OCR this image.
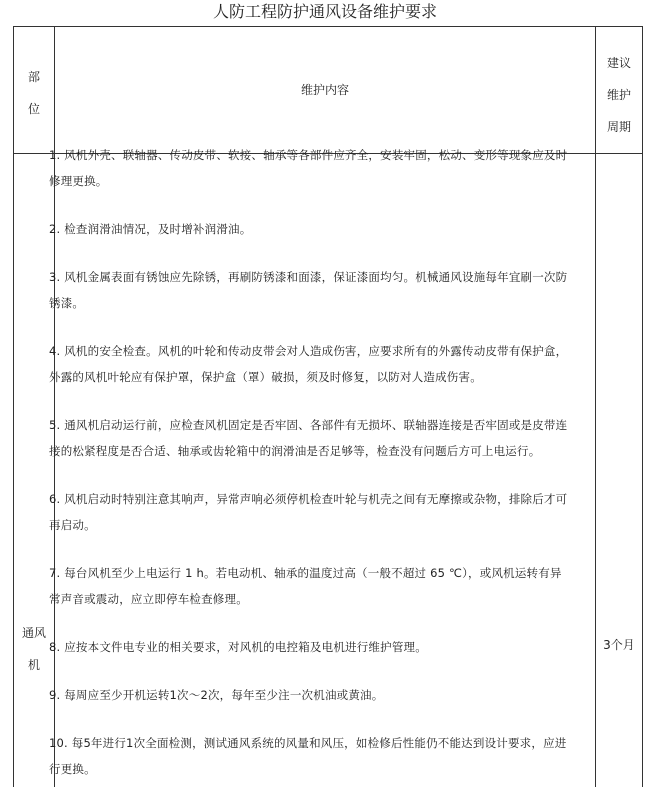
人防工程防护通风设备维护要求
部
位
维护内容
建议
维护
周期
通风
机
3个月
1. 风机外壳、联轴器、传动皮带、软接、轴承等各部件应齐全，安装牢固，松动、变形等现象应及时修理更换。
2. 检查润滑油情况，及时增补润滑油。
3. 风机金属表面有锈蚀应先除锈，再刷防锈漆和面漆，保证漆面均匀。机械通风设施每年宜刷一次防锈漆。
4. 风机的安全检查。风机的叶轮和传动皮带会对人造成伤害，应要求所有的外露传动皮带有保护盒，外露的风机叶轮应有保护罩，保护盒（罩）破损，须及时修复，以防对人造成伤害。
5. 通风机启动运行前，应检查风机固定是否牢固、各部件有无损坏、联轴器连接是否牢固或是皮带连接的松紧程度是否合适、轴承或齿轮箱中的润滑油是否足够等，检查没有问题后方可上电运行。
6. 风机启动时特别注意其响声，异常声响必须停机检查叶轮与机壳之间有无摩擦或杂物，排除后才可再启动。
7. 每台风机至少上电运行 1 h。若电动机、轴承的温度过高（一般不超过 65 ℃），或风机运转有异常声音或震动，应立即停车检查修理。
8. 应按本文件电专业的相关要求，对风机的电控箱及电机进行维护管理。
9. 每周应至少开机运转1次～2次，每年至少注一次机油或黄油。
10. 每5年进行1次全面检测，测试通风系统的风量和风压，如检修后性能仍不能达到设计要求，应进行更换。
